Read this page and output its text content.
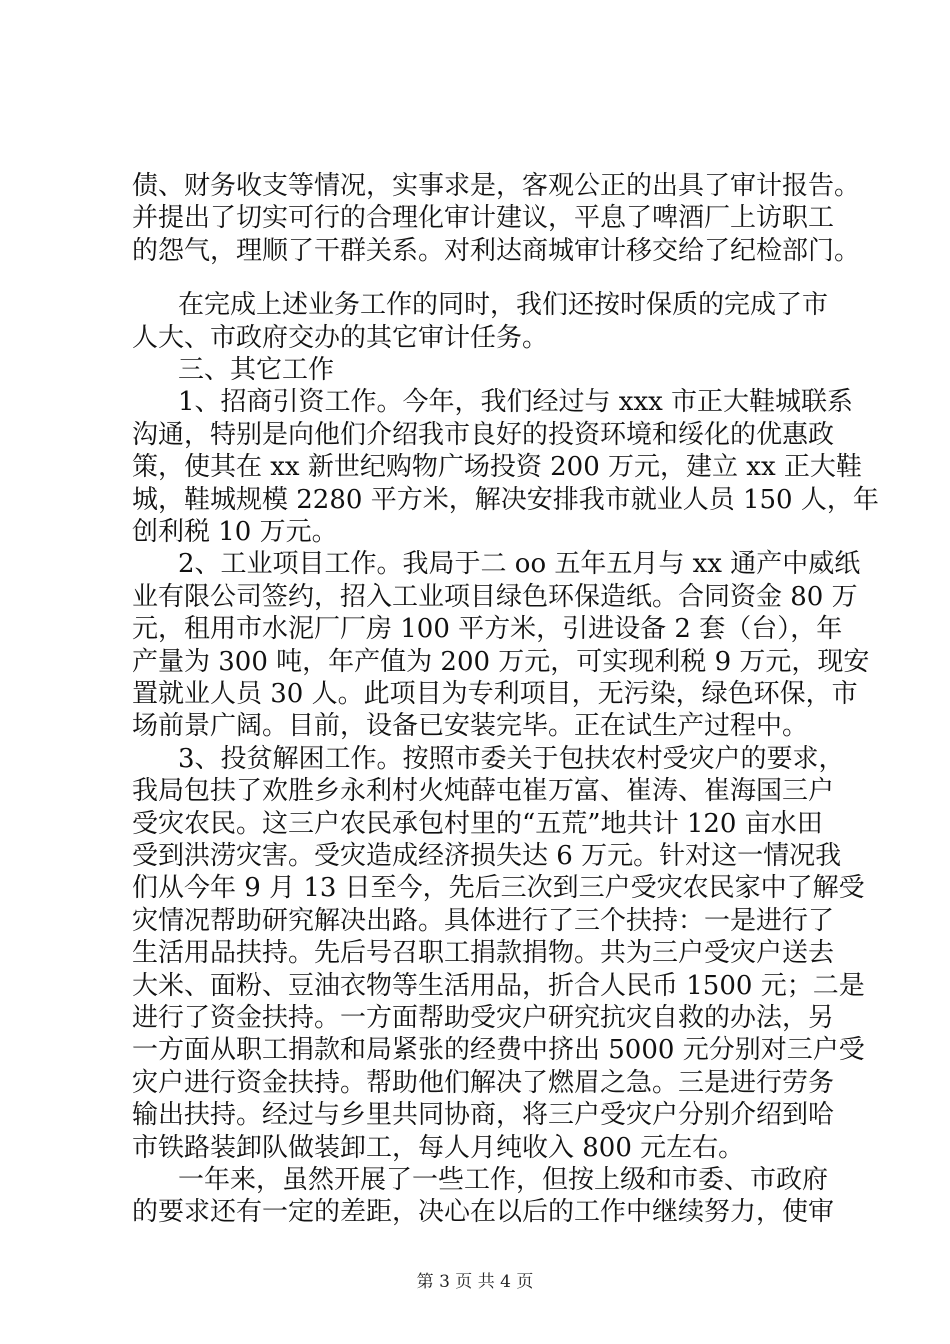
债、财务收支等情况，实事求是，客观公正的出具了审计报告。
并提出了切实可行的合理化审计建议，平息了啤酒厂上访职工
的怨气，理顺了干群关系。对利达商城审计移交给了纪检部门。
在完成上述业务工作的同时，我们还按时保质的完成了市
人大、市政府交办的其它审计任务。
三、其它工作
1、招商引资工作。今年，我们经过与 xxx 市正大鞋城联系
沟通，特别是向他们介绍我市良好的投资环境和绥化的优惠政
策，使其在 xx 新世纪购物广场投资 200 万元，建立 xx 正大鞋
城，鞋城规模 2280 平方米，解决安排我市就业人员 150 人，年
创利税 10 万元。
2、工业项目工作。我局于二 oo 五年五月与 xx 通产中威纸
业有限公司签约，招入工业项目绿色环保造纸。合同资金 80 万
元，租用市水泥厂厂房 100 平方米，引进设备 2 套（台），年
产量为 300 吨，年产值为 200 万元，可实现利税 9 万元，现安
置就业人员 30 人。此项目为专利项目，无污染，绿色环保，市
场前景广阔。目前，设备已安装完毕。正在试生产过程中。
3、投贫解困工作。按照市委关于包扶农村受灾户的要求，
我局包扶了欢胜乡永利村火炖薛屯崔万富、崔涛、崔海国三户
受灾农民。这三户农民承包村里的“五荒”地共计 120 亩水田
受到洪涝灾害。受灾造成经济损失达 6 万元。针对这一情况我
们从今年 9 月 13 日至今，先后三次到三户受灾农民家中了解受
灾情况帮助研究解决出路。具体进行了三个扶持：一是进行了
生活用品扶持。先后号召职工捐款捐物。共为三户受灾户送去
大米、面粉、豆油衣物等生活用品，折合人民币 1500 元；二是
进行了资金扶持。一方面帮助受灾户研究抗灾自救的办法，另
一方面从职工捐款和局紧张的经费中挤出 5000 元分别对三户受
灾户进行资金扶持。帮助他们解决了燃眉之急。三是进行劳务
输出扶持。经过与乡里共同协商，将三户受灾户分别介绍到哈
市铁路装卸队做装卸工，每人月纯收入 800 元左右。
一年来，虽然开展了一些工作，但按上级和市委、市政府
的要求还有一定的差距，决心在以后的工作中继续努力，使审
第 3 页 共 4 页
